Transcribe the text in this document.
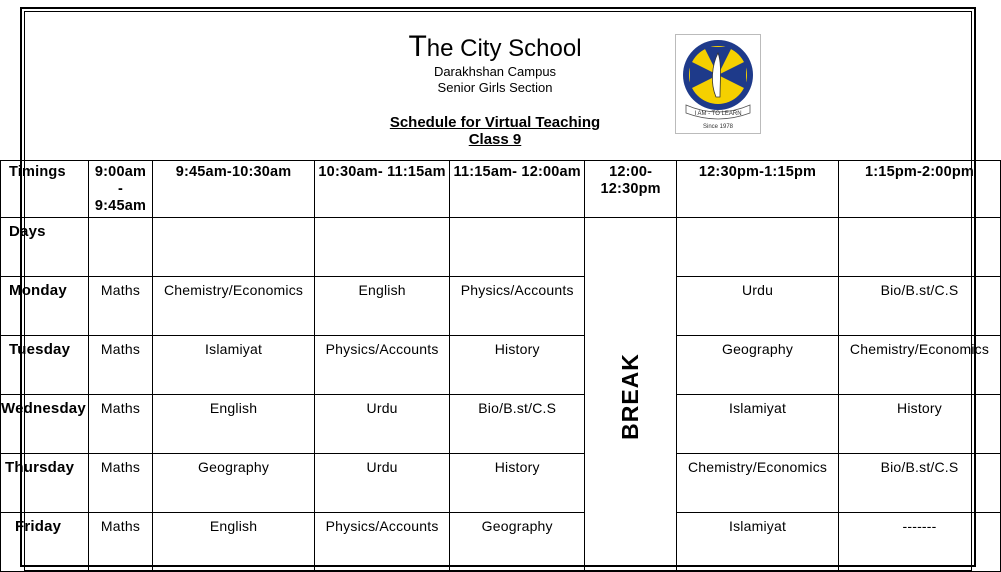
The City School
Darakhshan Campus
Senior Girls Section
Schedule for Virtual Teaching
Class 9
I AM - TO LEARN
Since 1978
Timings	9:00am - 9:45am	9:45am-10:30am	10:30am- 11:15am	11:15am- 12:00am	12:00- 12:30pm	12:30pm-1:15pm	1:15pm-2:00pm
Days					BREAK		
Monday	Maths	Chemistry/Economics	English	Physics/Accounts		Urdu	Bio/B.st/C.S
Tuesday	Maths	Islamiyat	Physics/Accounts	History		Geography	Chemistry/Economics
Wednesday	Maths	English	Urdu	Bio/B.st/C.S		Islamiyat	History
Thursday	Maths	Geography	Urdu	History		Chemistry/Economics	Bio/B.st/C.S
Friday	Maths	English	Physics/Accounts	Geography		Islamiyat	-------
